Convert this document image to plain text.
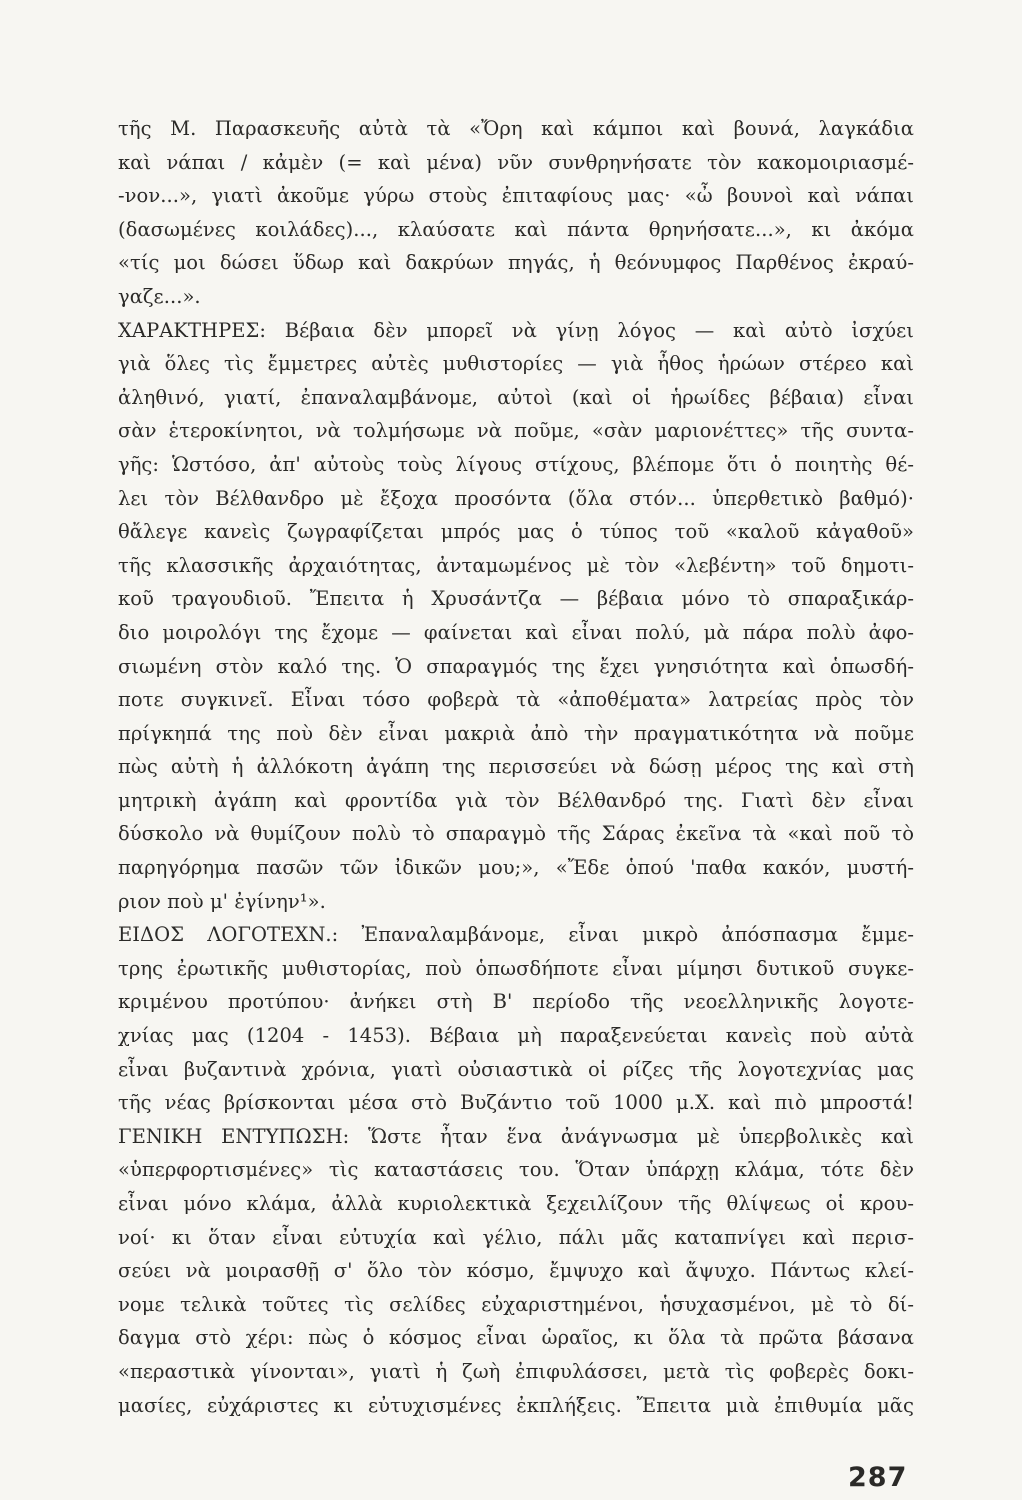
τῆς Μ. Παρασκευῆς αὐτὰ τὰ «Ὄρη καὶ κάμποι καὶ βουνά, λαγκάδια
καὶ νάπαι / κἀμὲν (= καὶ μένα) νῦν συνθρηνήσατε τὸν κακομοιριασμέ-
-νον...», γιατὶ ἀκοῦμε γύρω στοὺς ἐπιταφίους μας· «ὦ βουνοὶ καὶ νάπαι
(δασωμένες κοιλάδες)..., κλαύσατε καὶ πάντα θρηνήσατε...», κι ἀκόμα
«τίς μοι δώσει ὕδωρ καὶ δακρύων πηγάς, ἡ θεόνυμφος Παρθένος ἐκραύ-
γαζε...».
ΧΑΡΑΚΤΗΡΕΣ: Βέβαια δὲν μπορεῖ νὰ γίνῃ λόγος — καὶ αὐτὸ ἰσχύει
γιὰ ὅλες τὶς ἔμμετρες αὐτὲς μυθιστορίες — γιὰ ἦθος ἡρώων στέρεο καὶ
ἀληθινό, γιατί, ἐπαναλαμβάνομε, αὐτοὶ (καὶ οἱ ἡρωίδες βέβαια) εἶναι
σὰν ἑτεροκίνητοι, νὰ τολμήσωμε νὰ ποῦμε, «σὰν μαριονέττες» τῆς συντα-
γῆς: Ὡστόσο, ἀπ' αὐτοὺς τοὺς λίγους στίχους, βλέπομε ὅτι ὁ ποιητὴς θέ-
λει τὸν Βέλθανδρο μὲ ἔξοχα προσόντα (ὅλα στόν... ὑπερθετικὸ βαθμό)·
θἄλεγε κανεὶς ζωγραφίζεται μπρός μας ὁ τύπος τοῦ «καλοῦ κἀγαθοῦ»
τῆς κλασσικῆς ἀρχαιότητας, ἀνταμωμένος μὲ τὸν «λεβέντη» τοῦ δημοτι-
κοῦ τραγουδιοῦ. Ἔπειτα ἡ Χρυσάντζα — βέβαια μόνο τὸ σπαραξικάρ-
διο μοιρολόγι της ἔχομε — φαίνεται καὶ εἶναι πολύ, μὰ πάρα πολὺ ἀφο-
σιωμένη στὸν καλό της. Ὁ σπαραγμός της ἔχει γνησιότητα καὶ ὁπωσδή-
ποτε συγκινεῖ. Εἶναι τόσο φοβερὰ τὰ «ἀποθέματα» λατρείας πρὸς τὸν
πρίγκηπά της ποὺ δὲν εἶναι μακριὰ ἀπὸ τὴν πραγματικότητα νὰ ποῦμε
πὼς αὐτὴ ἡ ἀλλόκοτη ἀγάπη της περισσεύει νὰ δώσῃ μέρος της καὶ στὴ
μητρικὴ ἀγάπη καὶ φροντίδα γιὰ τὸν Βέλθανδρό της. Γιατὶ δὲν εἶναι
δύσκολο νὰ θυμίζουν πολὺ τὸ σπαραγμὸ τῆς Σάρας ἐκεῖνα τὰ «καὶ ποῦ τὸ
παρηγόρημα πασῶν τῶν ἰδικῶν μου;», «Ἔδε ὁπού 'παθα κακόν, μυστή-
ριον ποὺ μ' ἐγίνην¹».
ΕΙΔΟΣ ΛΟΓΟΤΕΧΝ.: Ἐπαναλαμβάνομε, εἶναι μικρὸ ἀπόσπασμα ἔμμε-
τρης ἐρωτικῆς μυθιστορίας, ποὺ ὁπωσδήποτε εἶναι μίμησι δυτικοῦ συγκε-
κριμένου προτύπου· ἀνήκει στὴ Β' περίοδο τῆς νεοελληνικῆς λογοτε-
χνίας μας (1204 - 1453). Βέβαια μὴ παραξενεύεται κανεὶς ποὺ αὐτὰ
εἶναι βυζαντινὰ χρόνια, γιατὶ οὐσιαστικὰ οἱ ρίζες τῆς λογοτεχνίας μας
τῆς νέας βρίσκονται μέσα στὸ Βυζάντιο τοῦ 1000 μ.Χ. καὶ πιὸ μπροστά!
ΓΕΝΙΚΗ ΕΝΤΥΠΩΣΗ: Ὥστε ἦταν ἕνα ἀνάγνωσμα μὲ ὑπερβολικὲς καὶ
«ὑπερφορτισμένες» τὶς καταστάσεις του. Ὅταν ὑπάρχῃ κλάμα, τότε δὲν
εἶναι μόνο κλάμα, ἀλλὰ κυριολεκτικὰ ξεχειλίζουν τῆς θλίψεως οἱ κρου-
νοί· κι ὅταν εἶναι εὐτυχία καὶ γέλιο, πάλι μᾶς καταπνίγει καὶ περισ-
σεύει νὰ μοιρασθῇ σ' ὅλο τὸν κόσμο, ἔμψυχο καὶ ἄψυχο. Πάντως κλεί-
νομε τελικὰ τοῦτες τὶς σελίδες εὐχαριστημένοι, ἡσυχασμένοι, μὲ τὸ δί-
δαγμα στὸ χέρι: πὼς ὁ κόσμος εἶναι ὡραῖος, κι ὅλα τὰ πρῶτα βάσανα
«περαστικὰ γίνονται», γιατὶ ἡ ζωὴ ἐπιφυλάσσει, μετὰ τὶς φοβερὲς δοκι-
μασίες, εὐχάριστες κι εὐτυχισμένες ἐκπλήξεις. Ἔπειτα μιὰ ἐπιθυμία μᾶς
287
